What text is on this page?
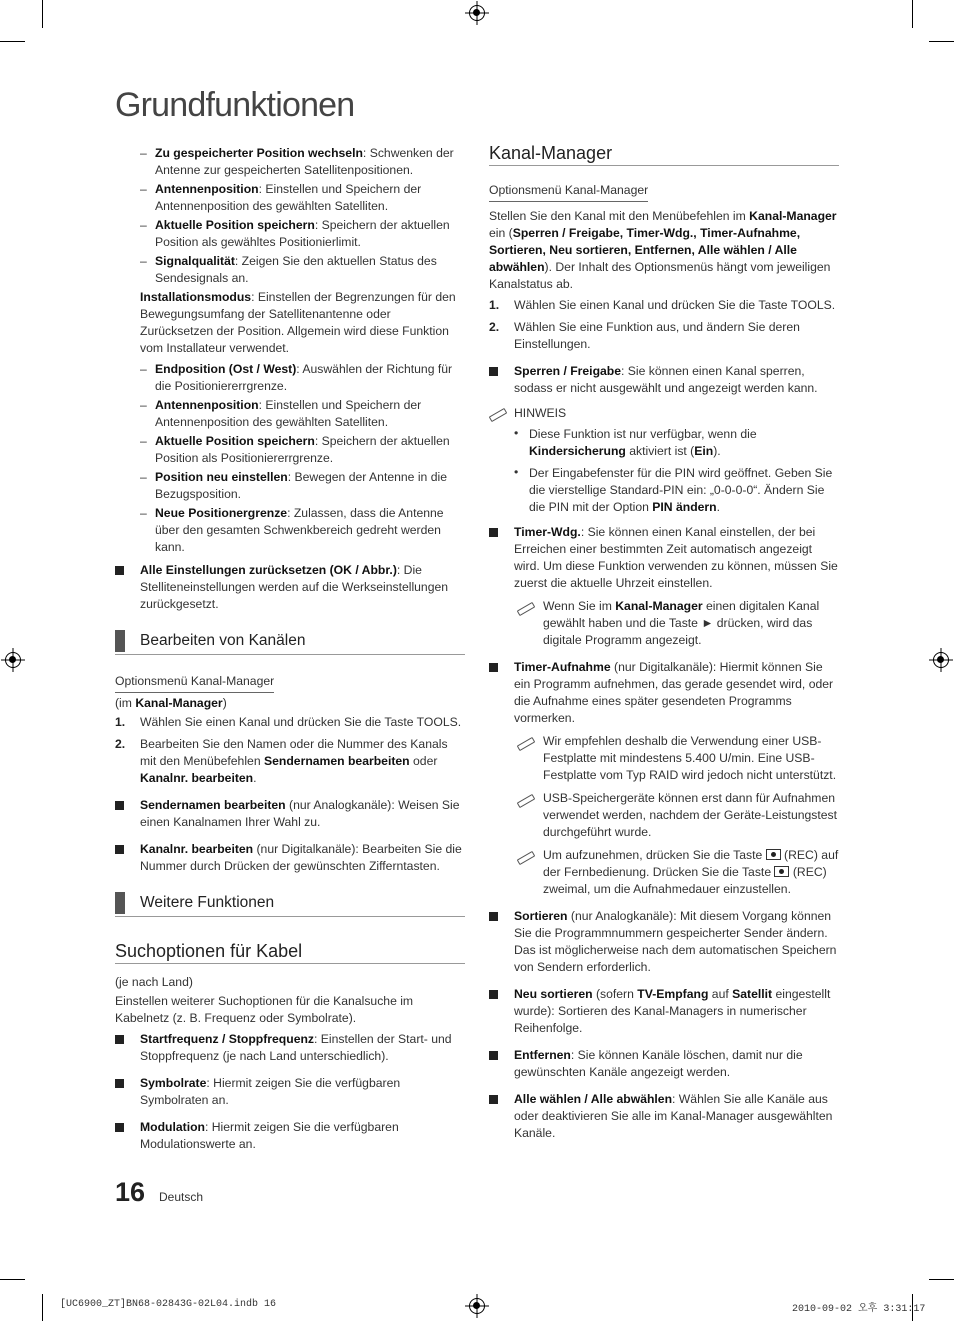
Grundfunktionen
– Zu gespeicherter Position wechseln: Schwenken der Antenne zur gespeicherten Satellitenpositionen.
– Antennenposition: Einstellen und Speichern der Antennenposition des gewählten Satelliten.
– Aktuelle Position speichern: Speichern der aktuellen Position als gewähltes Positionierlimit.
– Signalqualität: Zeigen Sie den aktuellen Status des Sendesignals an.
Installationsmodus: Einstellen der Begrenzungen für den Bewegungsumfang der Satellitenantenne oder Zurücksetzen der Position. Allgemein wird diese Funktion vom Installateur verwendet.
– Endposition (Ost / West): Auswählen der Richtung für die Positioniererrgrenze.
– Antennenposition: Einstellen und Speichern der Antennenposition des gewählten Satelliten.
– Aktuelle Position speichern: Speichern der aktuellen Position als Positioniererrgrenze.
– Position neu einstellen: Bewegen der Antenne in die Bezugsposition.
– Neue Positionergrenze: Zulassen, dass die Antenne über den gesamten Schwenkbereich gedreht werden kann.
Alle Einstellungen zurücksetzen (OK / Abbr.): Die Stelliteneinstellungen werden auf die Werkseinstellungen zurückgesetzt.
Bearbeiten von Kanälen
Optionsmenü Kanal-Manager
(im Kanal-Manager)
1. Wählen Sie einen Kanal und drücken Sie die Taste TOOLS.
2. Bearbeiten Sie den Namen oder die Nummer des Kanals mit den Menübefehlen Sendernamen bearbeiten oder Kanalnr. bearbeiten.
Sendernamen bearbeiten (nur Analogkanäle): Weisen Sie einen Kanalnamen Ihrer Wahl zu.
Kanalnr. bearbeiten (nur Digitalkanäle): Bearbeiten Sie die Nummer durch Drücken der gewünschten Zifferntasten.
Weitere Funktionen
Suchoptionen für Kabel
(je nach Land)
Einstellen weiterer Suchoptionen für die Kanalsuche im Kabelnetz (z. B. Frequenz oder Symbolrate).
Startfrequenz / Stoppfrequenz: Einstellen der Start- und Stoppfrequenz (je nach Land unterschiedlich).
Symbolrate: Hiermit zeigen Sie die verfügbaren Symbolraten an.
Modulation: Hiermit zeigen Sie die verfügbaren Modulationswerte an.
Kanal-Manager
Optionsmenü Kanal-Manager
Stellen Sie den Kanal mit den Menübefehlen im Kanal-Manager ein (Sperren / Freigabe, Timer-Wdg., Timer-Aufnahme, Sortieren, Neu sortieren, Entfernen, Alle wählen / Alle abwählen). Der Inhalt des Optionsmenüs hängt vom jeweiligen Kanalstatus ab.
1. Wählen Sie einen Kanal und drücken Sie die Taste TOOLS.
2. Wählen Sie eine Funktion aus, und ändern Sie deren Einstellungen.
Sperren / Freigabe: Sie können einen Kanal sperren, sodass er nicht ausgewählt und angezeigt werden kann.
HINWEIS
• Diese Funktion ist nur verfügbar, wenn die Kindersicherung aktiviert ist (Ein).
• Der Eingabefenster für die PIN wird geöffnet. Geben Sie die vierstellige Standard-PIN ein: „0-0-0-0“. Ändern Sie die PIN mit der Option PIN ändern.
Timer-Wdg.: Sie können einen Kanal einstellen, der bei Erreichen einer bestimmten Zeit automatisch angezeigt wird. Um diese Funktion verwenden zu können, müssen Sie zuerst die aktuelle Uhrzeit einstellen.
Wenn Sie im Kanal-Manager einen digitalen Kanal gewählt haben und die Taste ► drücken, wird das digitale Programm angezeigt.
Timer-Aufnahme (nur Digitalkanäle): Hiermit können Sie ein Programm aufnehmen, das gerade gesendet wird, oder die Aufnahme eines später gesendeten Programms vormerken.
Wir empfehlen deshalb die Verwendung einer USB-Festplatte mit mindestens 5.400 U/min. Eine USB-Festplatte vom Typ RAID wird jedoch nicht unterstützt.
USB-Speichergeräte können erst dann für Aufnahmen verwendet werden, nachdem der Geräte-Leistungstest durchgeführt wurde.
Um aufzunehmen, drücken Sie die Taste  (REC) auf der Fernbedienung. Drücken Sie die Taste  (REC) zweimal, um die Aufnahmedauer einzustellen.
Sortieren (nur Analogkanäle): Mit diesem Vorgang können Sie die Programmnummern gespeicherter Sender ändern. Das ist möglicherweise nach dem automatischen Speichern von Sendern erforderlich.
Neu sortieren (sofern TV-Empfang auf Satellit eingestellt wurde): Sortieren des Kanal-Managers in numerischer Reihenfolge.
Entfernen: Sie können Kanäle löschen, damit nur die gewünschten Kanäle angezeigt werden.
Alle wählen / Alle abwählen: Wählen Sie alle Kanäle aus oder deaktivieren Sie alle im Kanal-Manager ausgewählten Kanäle.
16 Deutsch
[UC6900_ZT]BN68-02843G-02L04.indb 16	2010-09-02 오후 3:31:17
